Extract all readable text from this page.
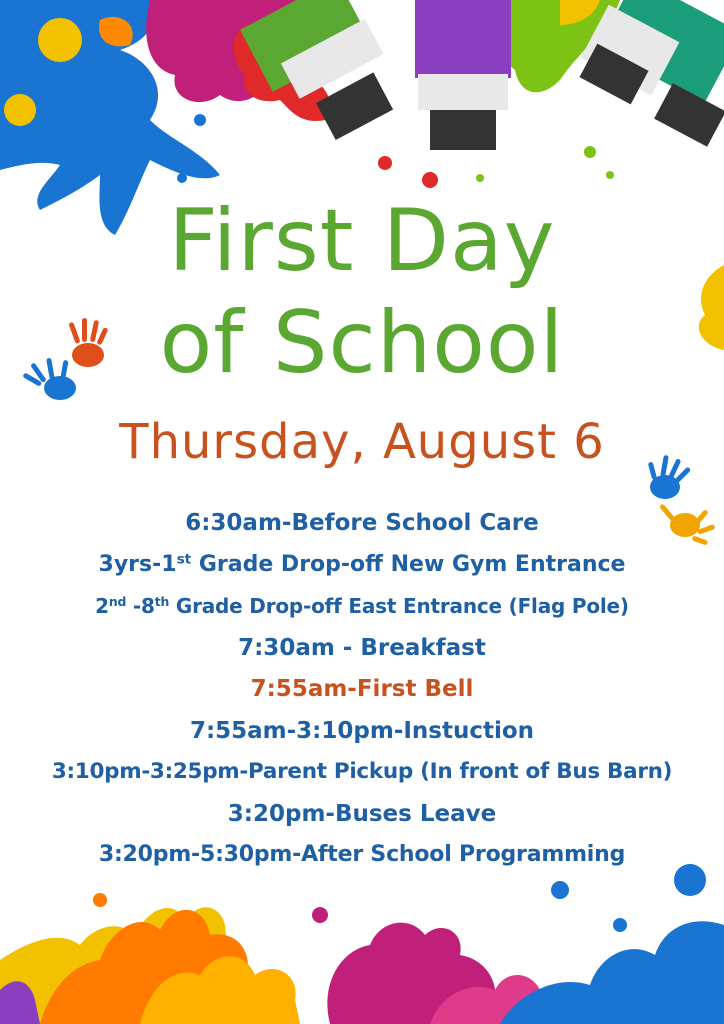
First Day
of School
Thursday, August 6
6:30am-Before School Care
3yrs-1st Grade Drop-off New Gym Entrance
2nd -8th Grade Drop-off East Entrance (Flag Pole)
7:30am - Breakfast
7:55am-First Bell
7:55am-3:10pm-Instuction
3:10pm-3:25pm-Parent Pickup (In front of Bus Barn)
3:20pm-Buses Leave
3:20pm-5:30pm-After School Programming
